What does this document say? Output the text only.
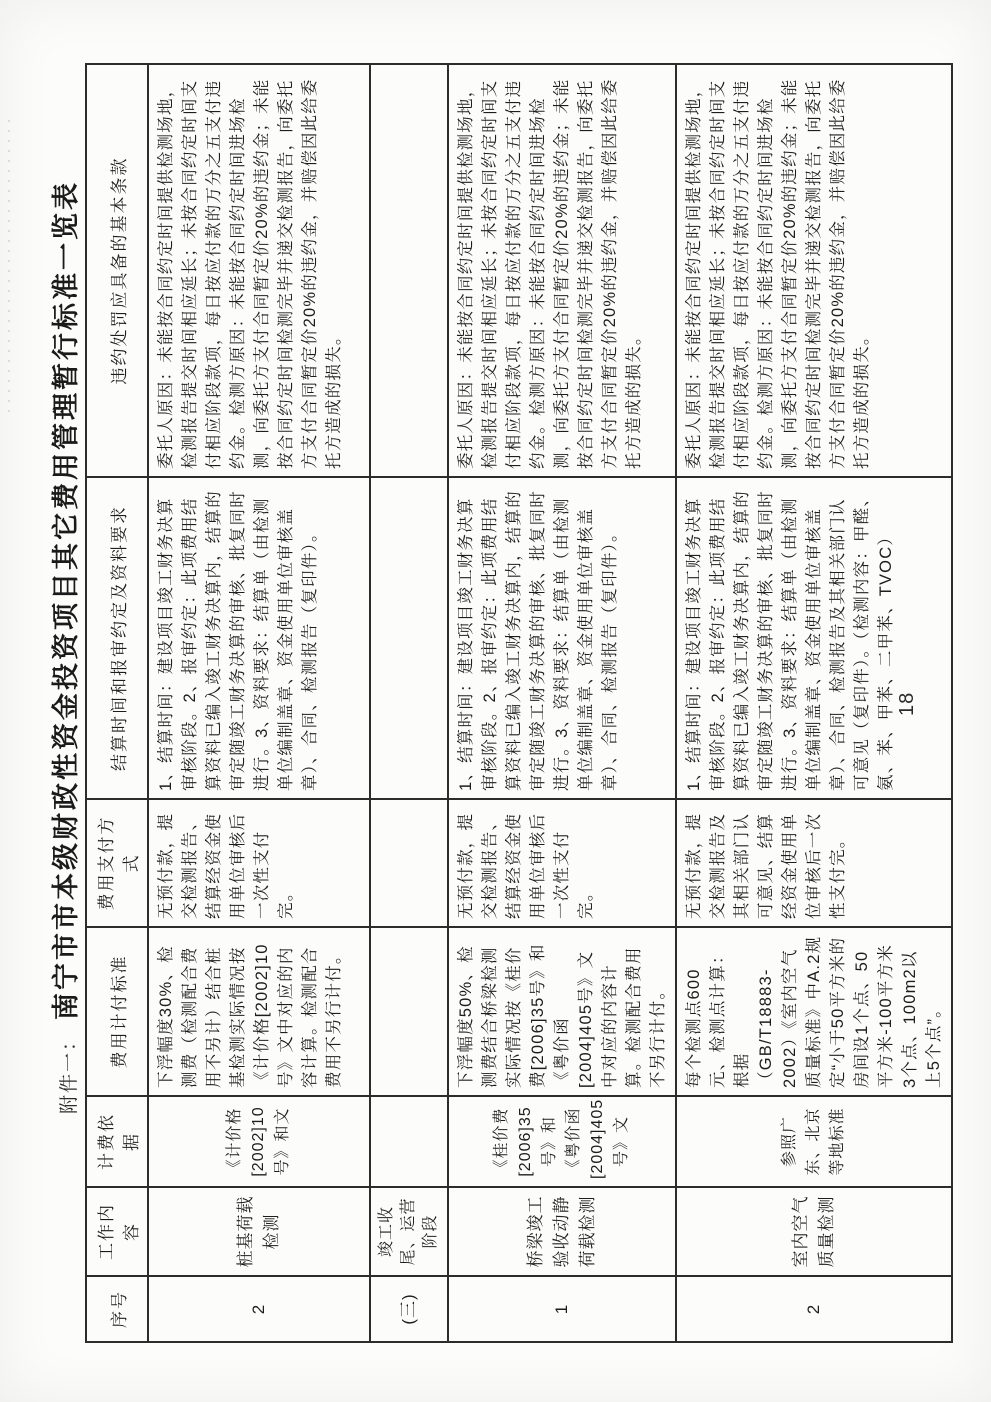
附件一：
南宁市市本级财政性资金投资项目其它费用管理暂行标准一览表
序号	工作内容	计费依据	费用计付标准	费用支付方式	结算时间和报审约定及资料要求	违约处罚应具备的基本条款
2	桩基荷载检测	《计价格[2002]10号》和文	下浮幅度30%、检测费（检测配合费用不另计）结合桩基检测实际情况按《计价格[2002]10号》文中对应的内容计算。检测配合费用不另行计付。	无预付款，提交检测报告、结算经资金使用单位审核后一次性支付完。	1、结算时间：建设项目竣工财务决算审核阶段。2、报审约定：此项费用结算资料已编入竣工财务决算内，结算的审定随竣工财务决算的审核、批复同时进行。3、资料要求：结算单（由检测单位编制盖章、资金使用单位审核盖章）、合同、检测报告（复印件）。	委托人原因：未能按合同约定时间提供检测场地，检测报告提交时间相应延长；未按合同约定时间支付相应阶段款项，每日按应付款的万分之五支付违约金。检测方原因：未能按合同约定时间进场检测，向委托方支付合同暂定价20%的违约金；未能按合同约定时间检测完毕并递交检测报告，向委托方支付合同暂定价20%的违约金，并赔偿因此给委托方造成的损失。
(三)	竣工收尾、运营阶段					
1	桥梁竣工验收动静荷载检测	《桂价费[2006]35号》和《粤价函[2004]405号》文	下浮幅度50%、检测费结合桥梁检测实际情况按《桂价费[2006]35号》和《粤价函[2004]405号》文中对应的内容计算。检测配合费用不另行计付。	无预付款，提交检测报告、结算经资金使用单位审核后一次性支付完。	1、结算时间：建设项目竣工财务决算审核阶段。2、报审约定：此项费用结算资料已编入竣工财务决算内，结算的审定随竣工财务决算的审核、批复同时进行。3、资料要求：结算单（由检测单位编制盖章、资金使用单位审核盖章）、合同、检测报告（复印件）。	委托人原因：未能按合同约定时间提供检测场地，检测报告提交时间相应延长；未按合同约定时间支付相应阶段款项，每日按应付款的万分之五支付违约金。检测方原因：未能按合同约定时间进场检测，向委托方支付合同暂定价20%的违约金；未能按合同约定时间检测完毕并递交检测报告，向委托方支付合同暂定价20%的违约金，并赔偿因此给委托方造成的损失。
2	室内空气质量检测	参照广东、北京等地标准	每个检测点600元、检测点计算：根据（GB/T18883-2002）《室内空气质量标准》中A.2规定“小于50平方米的房间设1个点、50平方米-100平方米3个点、100m2以上5个点”。	无预付款，提交检测报告及其相关部门认可意见、结算经资金使用单位审核后一次性支付完。	1、结算时间：建设项目竣工财务决算审核阶段。2、报审约定：此项费用结算资料已编入竣工财务决算内，结算的审定随竣工财务决算的审核、批复同时进行。3、资料要求：结算单（由检测单位编制盖章、资金使用单位审核盖章）、合同、检测报告及其相关部门认可意见（复印件）。（检测内容：甲醛、氨、苯、甲苯、二甲苯、TVOC）	委托人原因：未能按合同约定时间提供检测场地，检测报告提交时间相应延长；未按合同约定时间支付相应阶段款项，每日按应付款的万分之五支付违约金。检测方原因：未能按合同约定时间进场检测，向委托方支付合同暂定价20%的违约金；未能按合同约定时间检测完毕并递交检测报告，向委托方支付合同暂定价20%的违约金，并赔偿因此给委托方造成的损失。
18
